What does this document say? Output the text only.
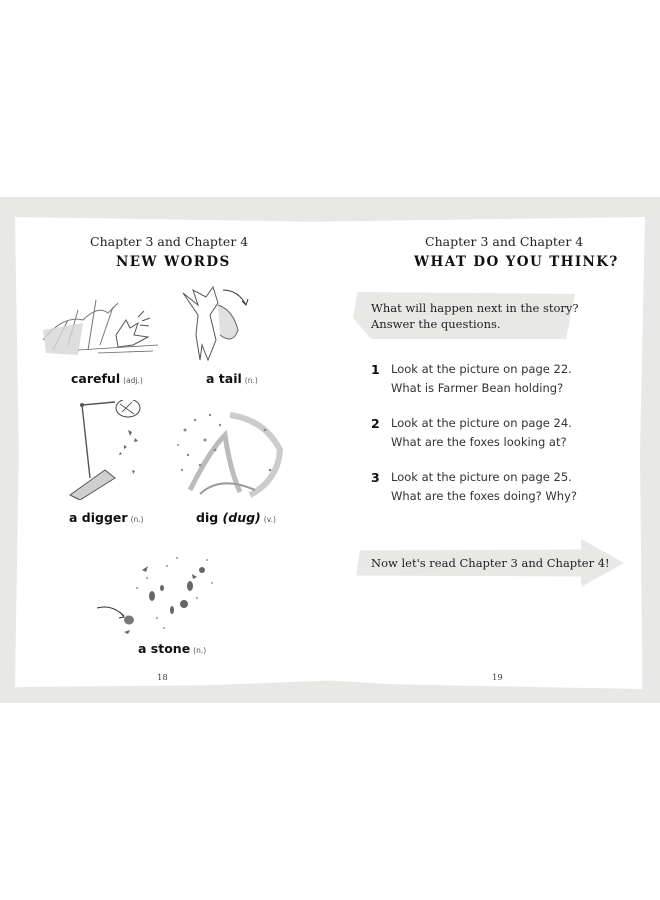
Chapter 3 and Chapter 4
NEW WORDS
careful (adj.)	a tail (n.)
a digger (n.)	dig (dug) (v.)
a stone (n.)
18
Chapter 3 and Chapter 4
WHAT DO YOU THINK?
What will happen next in the story?
Answer the questions.
1 Look at the picture on page 22.
What is Farmer Bean holding?
2 Look at the picture on page 24.
What are the foxes looking at?
3 Look at the picture on page 25.
What are the foxes doing? Why?
Now let's read Chapter 3 and Chapter 4!
19
